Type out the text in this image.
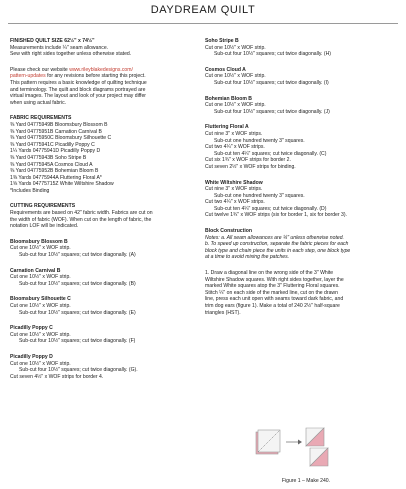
DAYDREAM QUILT

FINISHED QUILT SIZE 62½" x 74½"

Measurements include ¼" seam allowance.

Sew with right sides together unless otherwise stated.

Please check our website www.rileyblakedesigns.com/

pattern-updates for any revisions before starting this project.

This pattern requires a basic knowledge of quilting technique

and terminology. The quilt and block diagrams portrayed are

virtual images. The layout and look of your project may differ

when using actual fabric.

FABRIC REQUIREMENTS

⅜ Yard 04775949B Bloomsbury Blossom B

⅜ Yard 04775951B Carnation Carnival B

⅜ Yard 04775950C Bloomsbury Silhouette C

⅜ Yard 04775941C Picadilly Poppy C

1¼ Yards 04775941D Picadilly Poppy D

⅜ Yard 04775943B Soho Stripe B

⅜ Yard 04775945A Cosmos Cloud A

⅜ Yard 04775952B Bohemian Bloom B

1⅜ Yards 04775944A Fluttering Floral A*

1⅝ Yards 04775715Z White Wiltshire Shadow

*Includes Binding

CUTTING REQUIREMENTS

Requirements are based on 42" fabric width. Fabrics are cut on

the width of fabric (WOF). When cut on the length of fabric, the

notation LOF will be indicated.

Bloomsbury Blossom B

Cut one 10½" x WOF strip.

Sub-cut four 10½" squares; cut twice diagonally. (A)

Carnation Carnival B

Cut one 10½" x WOF strip.

Sub-cut four 10½" squares; cut twice diagonally. (B)

Bloomsbury Silhouette C

Cut one 10½" x WOF strip.

Sub-cut four 10½" squares; cut twice diagonally. (E)

Picadilly Poppy C

Cut one 10½" x WOF strip.

Sub-cut four 10½" squares; cut twice diagonally. (F)

Picadilly Poppy D

Cut one 10½" x WOF strip.

Sub-cut four 10½" squares; cut twice diagonally. (G).

Cut seven 4½" x WOF strips for border 4.

Soho Stripe B

Cut one 10½" x WOF strip.

Sub-cut four 10½" squares; cut twice diagonally. (H)

Cosmos Cloud A

Cut one 10½" x WOF strip.

Sub-cut four 10½" squares; cut twice diagonally. (I)

Bohemian Bloom B

Cut one 10½" x WOF strip.

Sub-cut four 10½" squares; cut twice diagonally. (J)

Fluttering Floral A

Cut nine 3" x WOF strips.

Sub-cut one hundred twenty 3" squares.

Cut two 4¼" x WOF strips.

Sub-cut ten 4¼" squares; cut twice diagonally. (C)

Cut six 1¾" x WOF strips for border 2.

Cut seven 2½" x WOF strips for binding.

White Wiltshire Shadow

Cut nine 3" x WOF strips.

Sub-cut one hundred twenty 3" squares.

Cut two 4¼" x WOF strips.

Sub-cut ten 4¼" squares; cut twice diagonally. (D)

Cut twelve 1¾" x WOF strips (six for border 1, six for border 3).

Block Construction

Notes: a. All seam allowances are ¼" unless otherwise noted.

b. To speed up construction, separate the fabric pieces for each

block type and chain piece the units in each step, one block type

at a time to avoid mixing the patches.

1. Draw a diagonal line on the wrong side of the 3" White

Wiltshire Shadow squares. With right sides together, layer the

marked White squares atop the 3" Fluttering Floral squares.

Stitch ¼" on each side of the marked line, cut on the drawn

line, press each unit open with seams toward dark fabric, and

trim dog ears (figure 1). Make a total of 240 2½" half-square

triangles (HST).

Figure 1 – Make 240.
